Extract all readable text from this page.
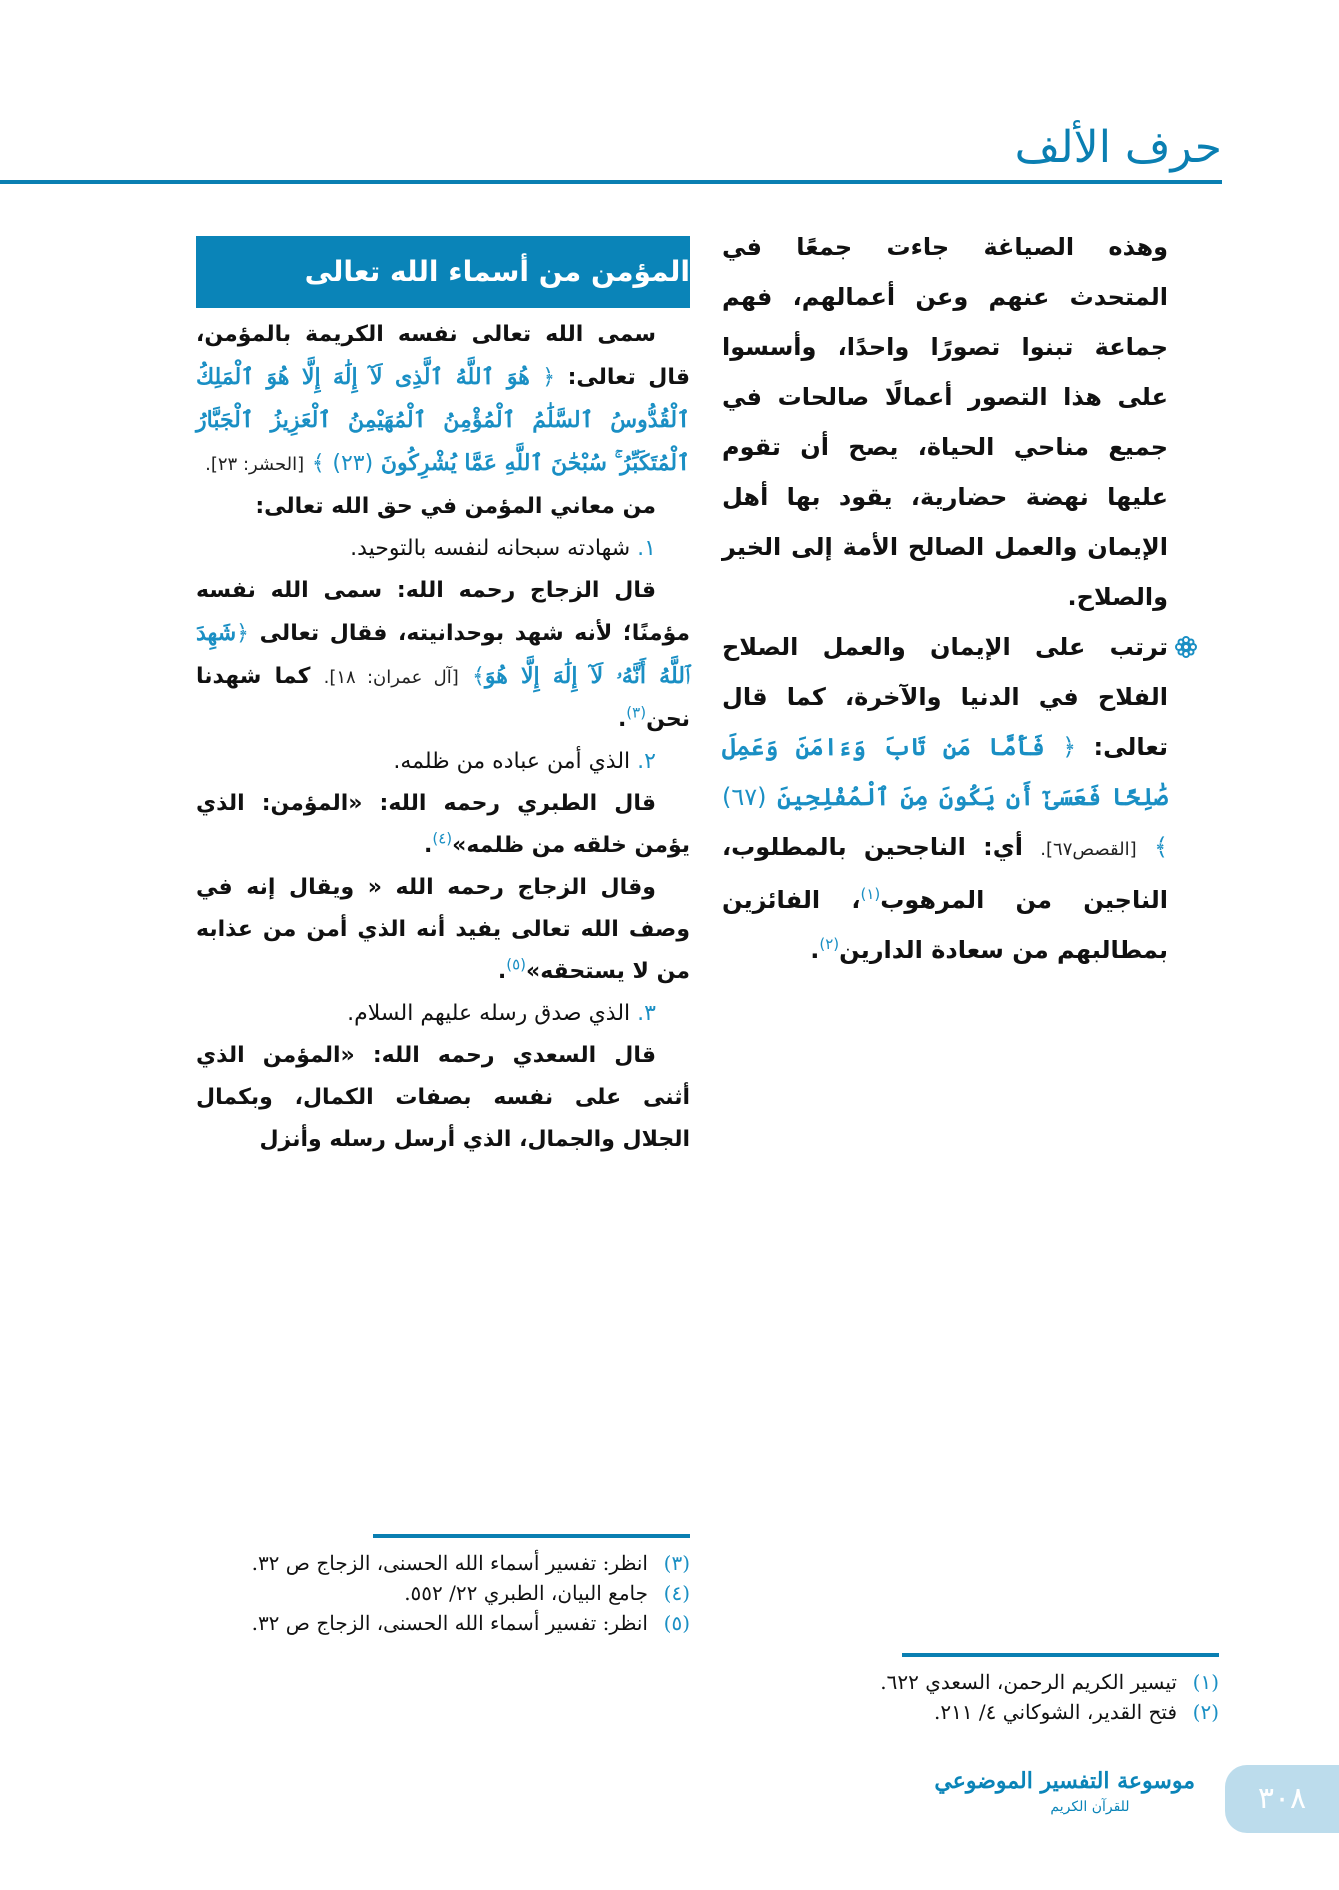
حرف الألف

وهذه الصياغة جاءت جمعًا في المتحدث عنهم وعن أعمالهم، فهم جماعة تبنوا تصورًا واحدًا، وأسسوا على هذا التصور أعمالًا صالحات في جميع مناحي الحياة، يصح أن تقوم عليها نهضة حضارية، يقود بها أهل الإيمان والعمل الصالح الأمة إلى الخير والصلاح.

ترتب على الإيمان والعمل الصلاح الفلاح في الدنيا والآخرة، كما قال تعالى: ﴿ فَأَمَّا مَن تَابَ وَءَامَنَ وَعَمِلَ صَٰلِحًا فَعَسَىٰٓ أَن يَكُونَ مِنَ ٱلْمُفْلِحِينَ (٦٧) ﴾ [القصص٦٧]. أي: الناجحين بالمطلوب، الناجين من المرهوب$^{(١)}$، الفائزين بمطالبهم من سعادة الدارين$^{(٢)}$.

المؤمن من أسماء الله تعالى

سمى الله تعالى نفسه الكريمة بالمؤمن، قال تعالى: ﴿ هُوَ ٱللَّهُ ٱلَّذِى لَآ إِلَٰهَ إِلَّا هُوَ ٱلْمَلِكُ ٱلْقُدُّوسُ ٱلسَّلَٰمُ ٱلْمُؤْمِنُ ٱلْمُهَيْمِنُ ٱلْعَزِيزُ ٱلْجَبَّارُ ٱلْمُتَكَبِّرُ ۚ سُبْحَٰنَ ٱللَّهِ عَمَّا يُشْرِكُونَ (٢٣) ﴾ [الحشر: ٢٣].

من معاني المؤمن في حق الله تعالى:

١. شهادته سبحانه لنفسه بالتوحيد.

قال الزجاج رحمه الله: سمى الله نفسه مؤمنًا؛ لأنه شهد بوحدانيته، فقال تعالى ﴿شَهِدَ ٱللَّهُ أَنَّهُۥ لَآ إِلَٰهَ إِلَّا هُوَ﴾ [آل عمران: ١٨]. كما شهدنا نحن$^{(٣)}$.

٢. الذي أمن عباده من ظلمه.

قال الطبري رحمه الله: «المؤمن: الذي يؤمن خلقه من ظلمه»$^{(٤)}$.

وقال الزجاج رحمه الله « ويقال إنه في وصف الله تعالى يفيد أنه الذي أمن من عذابه من لا يستحقه»$^{(٥)}$.

٣. الذي صدق رسله عليهم السلام.

قال السعدي رحمه الله: «المؤمن الذي أثنى على نفسه بصفات الكمال، وبكمال الجلال والجمال، الذي أرسل رسله وأنزل

(٣)
انظر: تفسير أسماء الله الحسنى، الزجاج ص ٣٢.
(٤)
جامع البيان، الطبري ٢٢/ ٥٥٢.
(٥)
انظر: تفسير أسماء الله الحسنى، الزجاج ص ٣٢.
(١)
تيسير الكريم الرحمن، السعدي ٦٢٢.
(٢)
فتح القدير، الشوكاني ٤/ ٢١١.
موسوعة التفسير الموضوعي
للقرآن الكريم	٣٠٨
